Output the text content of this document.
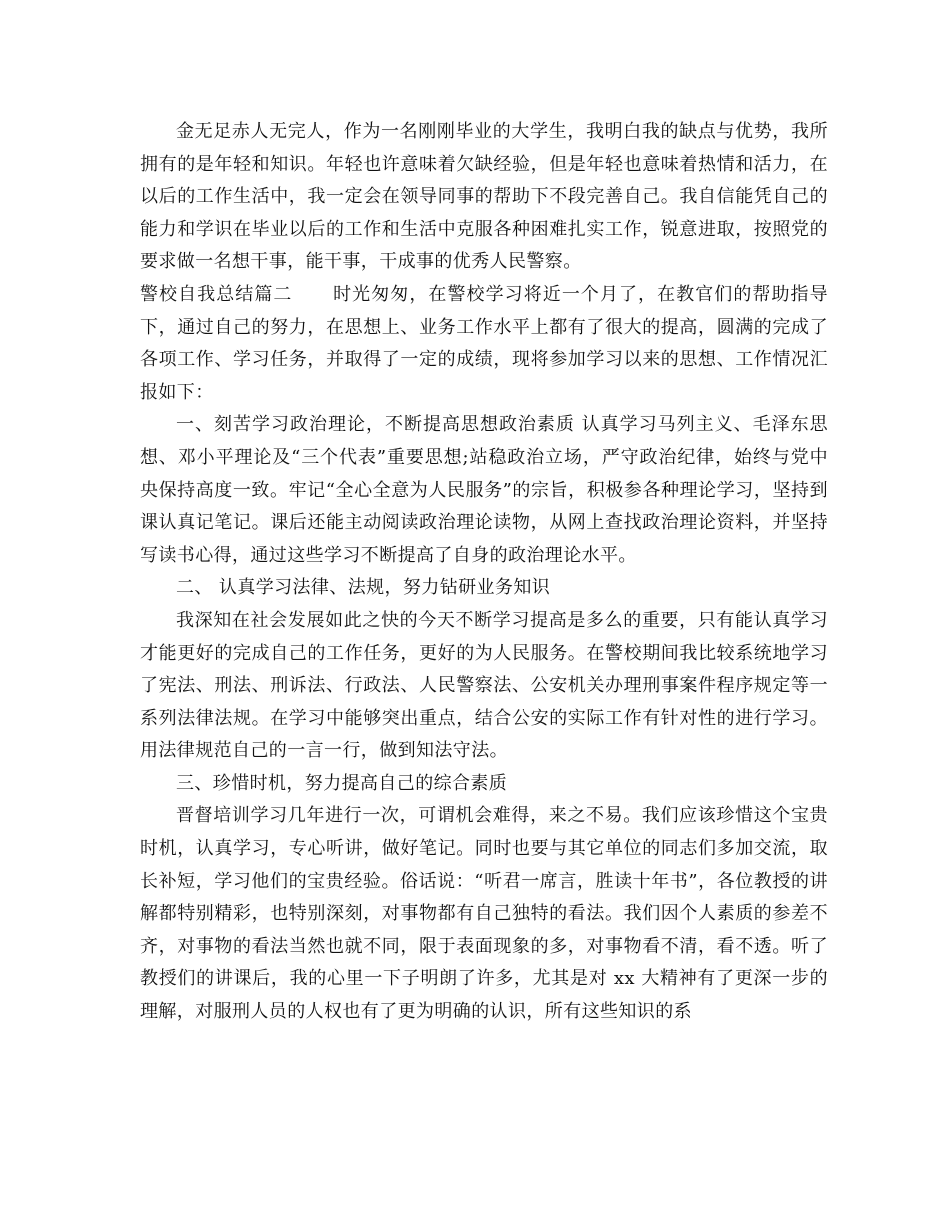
金无足赤人无完人，作为一名刚刚毕业的大学生，我明白我的缺点与优势，我所拥有的是年轻和知识。年轻也许意味着欠缺经验，但是年轻也意味着热情和活力，在以后的工作生活中，我一定会在领导同事的帮助下不段完善自己。我自信能凭自己的能力和学识在毕业以后的工作和生活中克服各种困难扎实工作，锐意进取，按照党的要求做一名想干事，能干事，干成事的优秀人民警察。

警校自我总结篇二 时光匆匆，在警校学习将近一个月了，在教官们的帮助指导下，通过自己的努力，在思想上、业务工作水平上都有了很大的提高，圆满的完成了各项工作、学习任务，并取得了一定的成绩，现将参加学习以来的思想、工作情况汇报如下：

一、刻苦学习政治理论，不断提高思想政治素质 认真学习马列主义、毛泽东思想、邓小平理论及“三个代表”重要思想;站稳政治立场，严守政治纪律，始终与党中央保持高度一致。牢记“全心全意为人民服务”的宗旨，积极参各种理论学习，坚持到课认真记笔记。课后还能主动阅读政治理论读物，从网上查找政治理论资料，并坚持写读书心得，通过这些学习不断提高了自身的政治理论水平。

二、 认真学习法律、法规，努力钻研业务知识

我深知在社会发展如此之快的今天不断学习提高是多么的重要，只有能认真学习才能更好的完成自己的工作任务，更好的为人民服务。在警校期间我比较系统地学习了宪法、刑法、刑诉法、行政法、人民警察法、公安机关办理刑事案件程序规定等一系列法律法规。在学习中能够突出重点，结合公安的实际工作有针对性的进行学习。用法律规范自己的一言一行，做到知法守法。

三、珍惜时机，努力提高自己的综合素质

晋督培训学习几年进行一次，可谓机会难得，来之不易。我们应该珍惜这个宝贵时机，认真学习，专心听讲，做好笔记。同时也要与其它单位的同志们多加交流，取长补短，学习他们的宝贵经验。俗话说：“听君一席言，胜读十年书”，各位教授的讲解都特别精彩，也特别深刻，对事物都有自己独特的看法。我们因个人素质的参差不齐，对事物的看法当然也就不同，限于表面现象的多，对事物看不清，看不透。听了教授们的讲课后，我的心里一下子明朗了许多，尤其是对 xx 大精神有了更深一步的理解，对服刑人员的人权也有了更为明确的认识，所有这些知识的系
